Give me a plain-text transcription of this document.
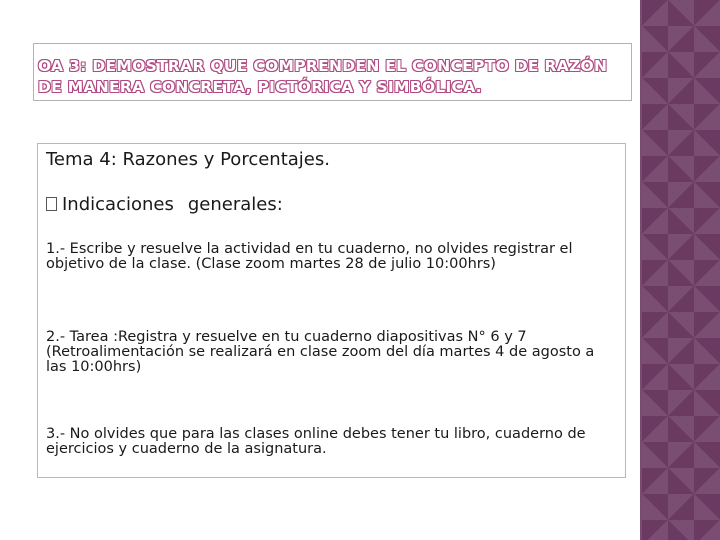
OA 3: DEMOSTRAR QUE COMPRENDEN EL CONCEPTO DE RAZÓN
DE MANERA CONCRETA, PICTÓRICA Y SIMBÓLICA.
Tema 4: Razones y Porcentajes.
Indicaciones generales:
1.- Escribe y resuelve la actividad en tu cuaderno, no olvides registrar el objetivo de la clase. (Clase zoom martes 28 de julio 10:00hrs)
2.- Tarea :Registra y resuelve en tu cuaderno diapositivas N° 6 y 7 (Retroalimentación se realizará en clase zoom del día martes 4 de agosto a las 10:00hrs)
3.- No olvides que para las clases online debes tener tu libro, cuaderno de ejercicios y cuaderno de la asignatura.
